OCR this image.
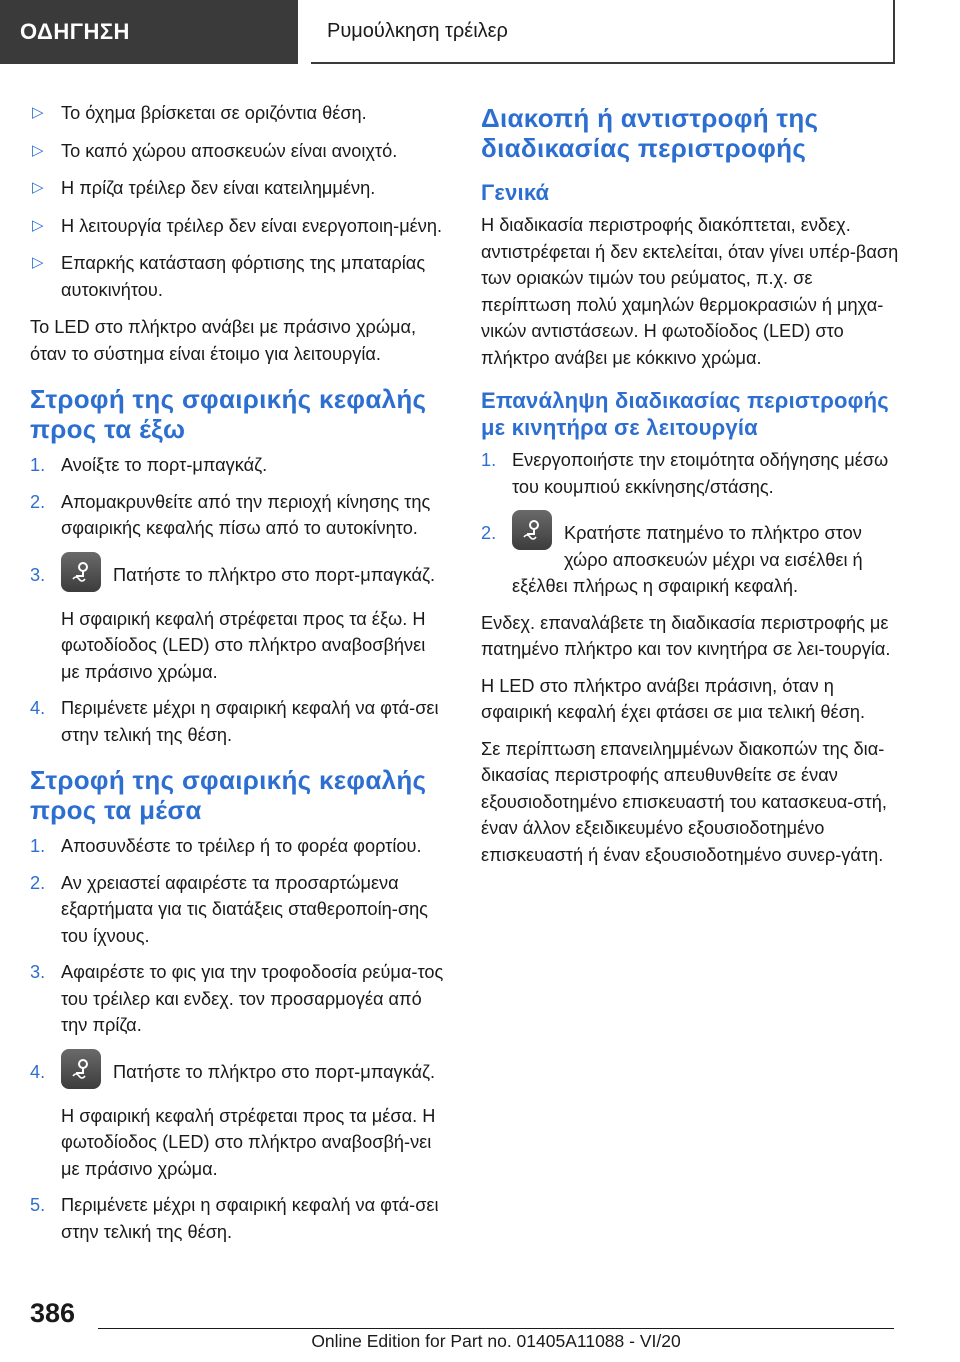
ΟΔΗΓΗΣΗ	Ρυμούλκηση τρέιλερ
▷ Το όχημα βρίσκεται σε οριζόντια θέση.
▷ Το καπό χώρου αποσκευών είναι ανοιχτό.
▷ Η πρίζα τρέιλερ δεν είναι κατειλημμένη.
▷ Η λειτουργία τρέιλερ δεν είναι ενεργοποιη-μένη.
▷ Επαρκής κατάσταση φόρτισης της μπαταρίας αυτοκινήτου.

Το LED στο πλήκτρο ανάβει με πράσινο χρώμα, όταν το σύστημα είναι έτοιμο για λειτουργία.

Στροφή της σφαιρικής κεφαλής προς τα έξω
1. Ανοίξτε το πορτ-μπαγκάζ.
2. Απομακρυνθείτε από την περιοχή κίνησης της σφαιρικής κεφαλής πίσω από το αυτοκίνητο.
3.	Πατήστε το πλήκτρο στο πορτ-μπαγκάζ.
Η σφαιρική κεφαλή στρέφεται προς τα έξω. Η φωτοδίοδος (LED) στο πλήκτρο αναβοσβήνει με πράσινο χρώμα.
4. Περιμένετε μέχρι η σφαιρική κεφαλή να φτά-σει στην τελική της θέση.
Στροφή της σφαιρικής κεφαλής προς τα μέσα
1. Αποσυνδέστε το τρέιλερ ή το φορέα φορτίου.
2. Αν χρειαστεί αφαιρέστε τα προσαρτώμενα εξαρτήματα για τις διατάξεις σταθεροποίη-σης του ίχνους.
3. Αφαιρέστε το φις για την τροφοδοσία ρεύμα-τος του τρέιλερ και ενδεχ. τον προσαρμογέα από την πρίζα.
4.	Πατήστε το πλήκτρο στο πορτ-μπαγκάζ.
Η σφαιρική κεφαλή στρέφεται προς τα μέσα. Η φωτοδίοδος (LED) στο πλήκτρο αναβοσβή-νει με πράσινο χρώμα.
5. Περιμένετε μέχρι η σφαιρική κεφαλή να φτά-σει στην τελική της θέση.
Διακοπή ή αντιστροφή της διαδικασίας περιστροφής
Γενικά

Η διαδικασία περιστροφής διακόπτεται, ενδεχ. αντιστρέφεται ή δεν εκτελείται, όταν γίνει υπέρ-βαση των οριακών τιμών του ρεύματος, π.χ. σε περίπτωση πολύ χαμηλών θερμοκρασιών ή μηχα-νικών αντιστάσεων. Η φωτοδίοδος (LED) στο πλήκτρο ανάβει με κόκκινο χρώμα.

Επανάληψη διαδικασίας περιστροφής με κινητήρα σε λειτουργία
1. Ενεργοποιήστε την ετοιμότητα οδήγησης μέσω του κουμπιού εκκίνησης/στάσης.
2.	Κρατήστε πατημένο το πλήκτρο στον χώρο αποσκευών μέχρι να εισέλθει ή εξέλθει πλήρως η σφαιρική κεφαλή.

Ενδεχ. επαναλάβετε τη διαδικασία περιστροφής με πατημένο πλήκτρο και τον κινητήρα σε λει-τουργία.

Η LED στο πλήκτρο ανάβει πράσινη, όταν η σφαιρική κεφαλή έχει φτάσει σε μια τελική θέση.

Σε περίπτωση επανειλημμένων διακοπών της δια-δικασίας περιστροφής απευθυνθείτε σε έναν εξουσιοδοτημένο επισκευαστή του κατασκευα-στή, έναν άλλον εξειδικευμένο εξουσιοδοτημένο επισκευαστή ή έναν εξουσιοδοτημένο συνερ-γάτη.

386
Online Edition for Part no. 01405A11088 - VI/20
